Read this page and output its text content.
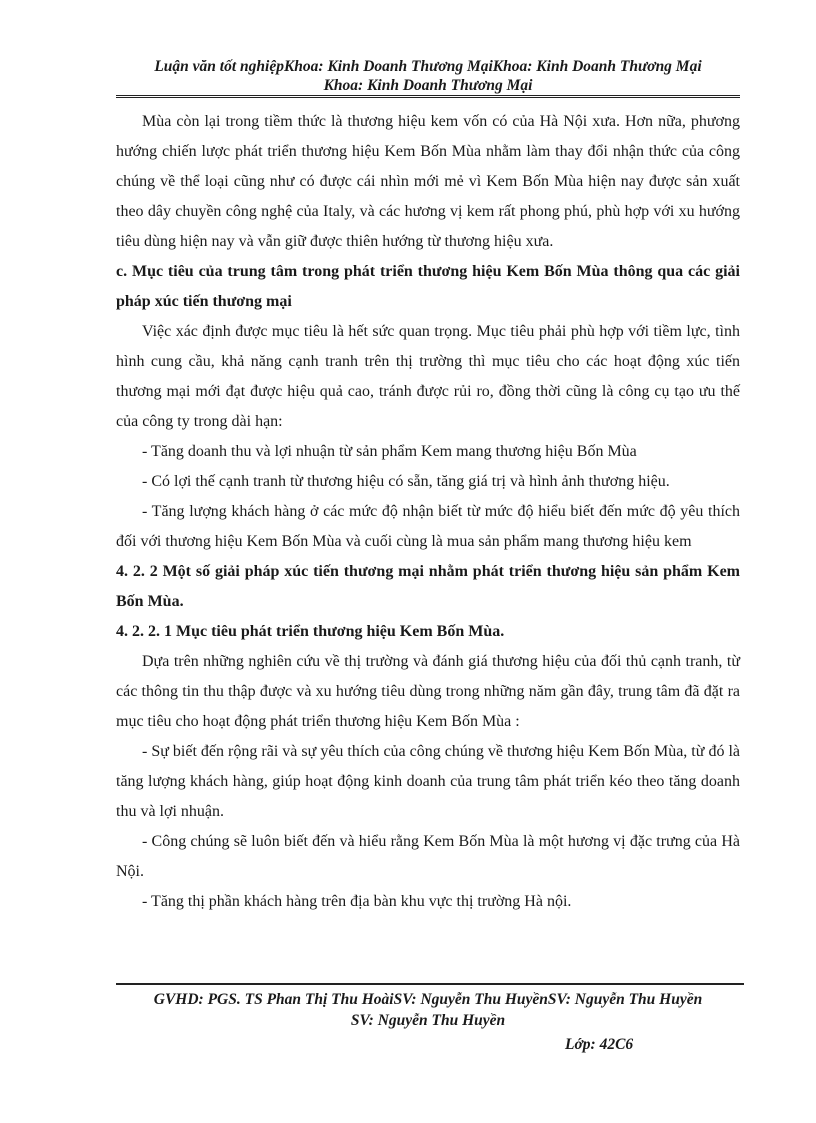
Luận văn tốt nghiệpKhoa: Kinh Doanh Thương MạiKhoa: Kinh Doanh Thương Mại
Khoa: Kinh Doanh Thương Mại

Mùa còn lại trong tiềm thức là thương hiệu kem vốn có của Hà Nội xưa. Hơn nữa, phương hướng chiến lược phát triển thương hiệu Kem Bốn Mùa nhằm làm thay đổi nhận thức của công chúng về thể loại cũng như có được cái nhìn mới mẻ vì Kem Bốn Mùa hiện nay được sản xuất theo dây chuyền công nghệ của Italy, và các hương vị kem rất phong phú, phù hợp với xu hướng tiêu dùng hiện nay và vẫn giữ được thiên hướng từ thương hiệu xưa.

c. Mục tiêu của trung tâm trong phát triển thương hiệu Kem Bốn Mùa thông qua các giải pháp xúc tiến thương mại

Việc xác định được mục tiêu là hết sức quan trọng. Mục tiêu phải phù hợp với tiềm lực, tình hình cung cầu, khả năng cạnh tranh trên thị trường thì mục tiêu cho các hoạt động xúc tiến thương mại mới đạt được hiệu quả cao, tránh được rủi ro, đồng thời cũng là công cụ tạo ưu thế của công ty trong dài hạn:

- Tăng doanh thu và lợi nhuận từ sản phẩm Kem mang thương hiệu Bốn Mùa

- Có lợi thế cạnh tranh từ thương hiệu có sẵn, tăng giá trị và hình ảnh thương hiệu.

- Tăng lượng khách hàng ở các mức độ nhận biết từ mức độ hiểu biết đến mức độ yêu thích đối với thương hiệu Kem Bốn Mùa và cuối cùng là mua sản phẩm mang thương hiệu kem

4. 2. 2 Một số giải pháp xúc tiến thương mại nhằm phát triển thương hiệu sản phẩm Kem Bốn Mùa.

4. 2. 2. 1 Mục tiêu phát triển thương hiệu Kem Bốn Mùa.

Dựa trên những nghiên cứu về thị trường và đánh giá thương hiệu của đối thủ cạnh tranh, từ các thông tin thu thập được và xu hướng tiêu dùng trong những năm gần đây, trung tâm đã đặt ra mục tiêu cho hoạt động phát triển thương hiệu Kem Bốn Mùa :

- Sự biết đến rộng rãi và sự yêu thích của công chúng về thương hiệu Kem Bốn Mùa, từ đó là tăng lượng khách hàng, giúp hoạt động kinh doanh của trung tâm phát triển kéo theo tăng doanh thu và lợi nhuận.

- Công chúng sẽ luôn biết đến và hiểu rằng Kem Bốn Mùa là một hương vị đặc trưng của Hà Nội.

- Tăng thị phần khách hàng trên địa bàn khu vực thị trường Hà nội.

GVHD: PGS. TS Phan Thị Thu HoàiSV: Nguyễn Thu HuyềnSV: Nguyễn Thu Huyền
SV: Nguyễn Thu Huyền
Lớp: 42C6
